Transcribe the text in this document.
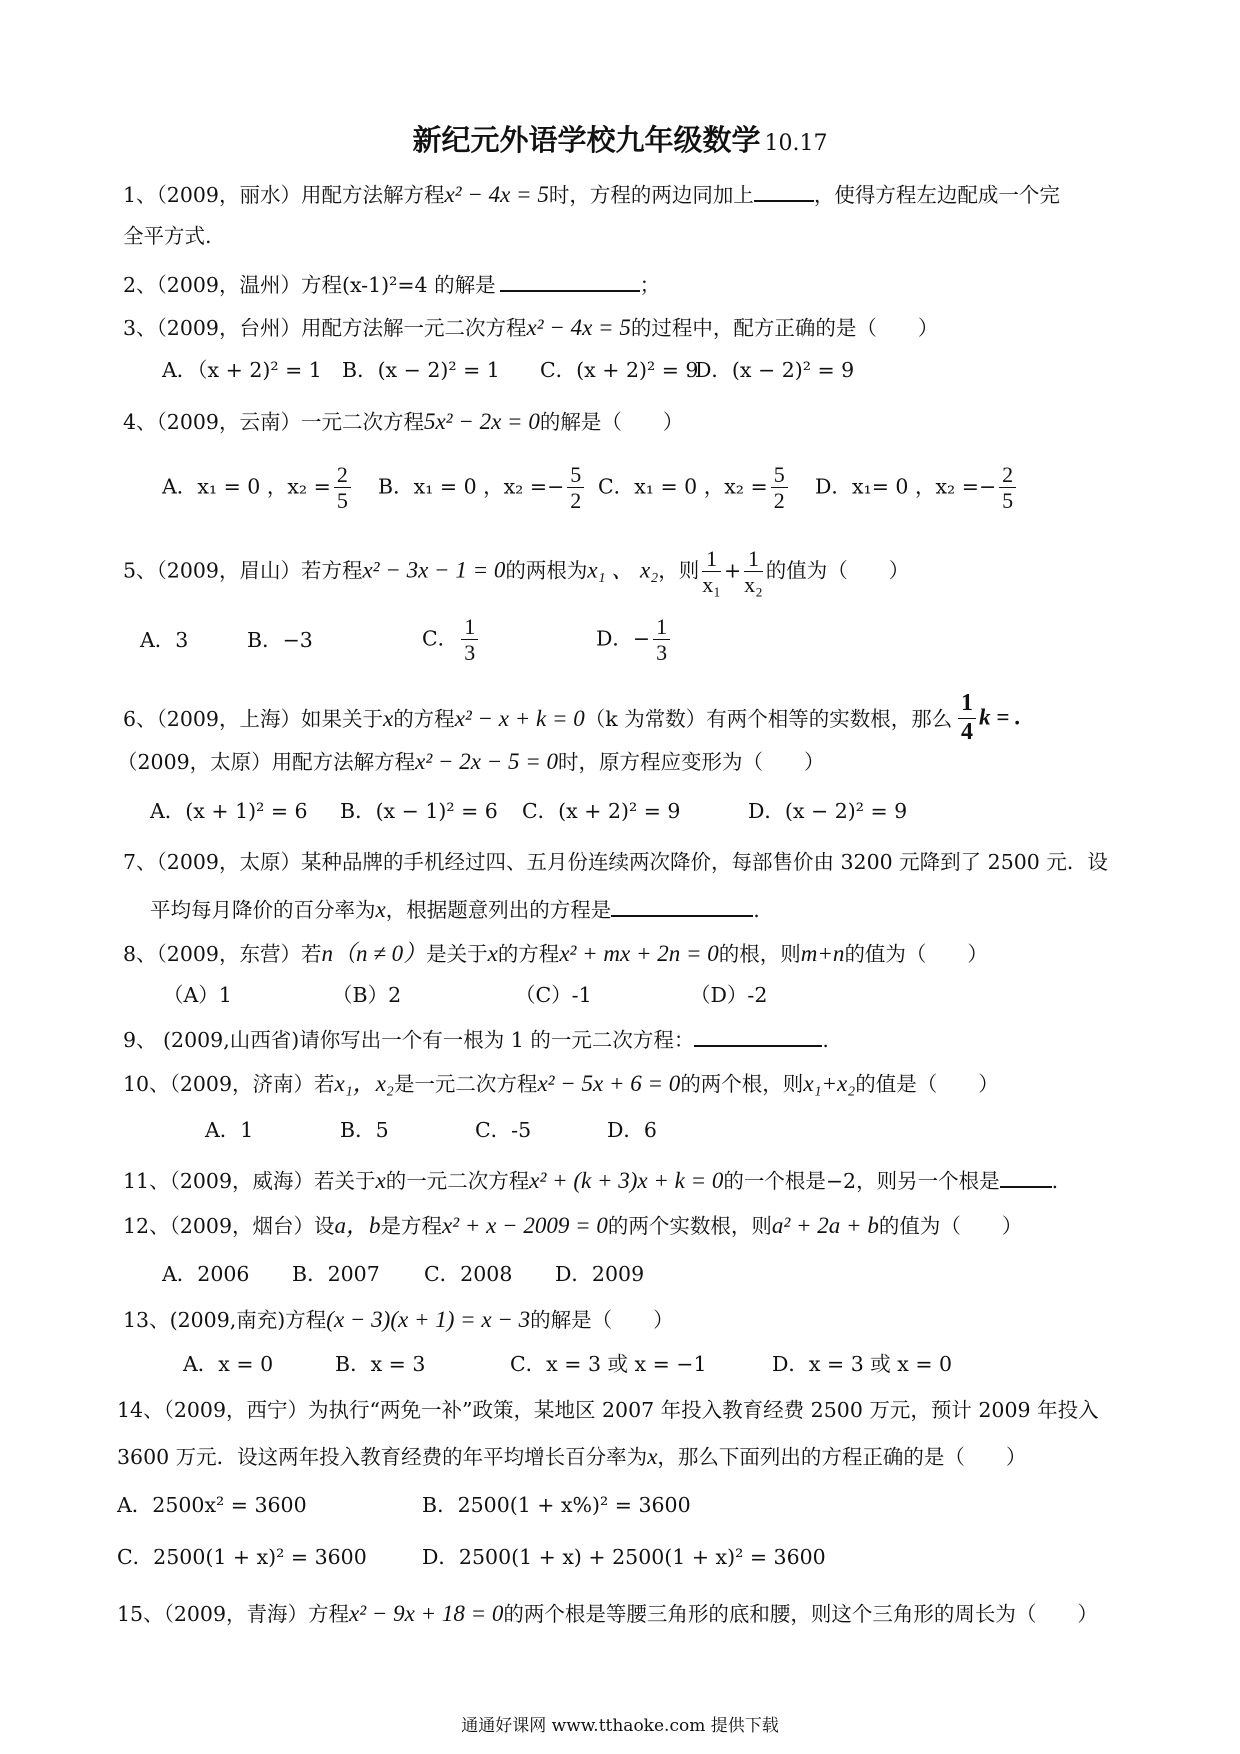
新纪元外语学校九年级数学 10.17
1、（2009，丽水）用配方法解方程x² − 4x = 5时，方程的两边同加上	，使得方程左边配成一个完
全平方式.
2、（2009，温州）方程(x-1)²=4 的解是	；
3、（2009，台州）用配方法解一元二次方程x² − 4x = 5的过程中，配方正确的是（　　）
A．（x + 2)² = 1 B．(x − 2)² = 1 C．(x + 2)² = 9
D．(x − 2)² = 9
4、（2009，云南）一元二次方程5x² − 2x = 0的解是（　　）
A．x₁ = 0 ，$x_2 = \frac{2}{5}$ B．x₁ = 0 ，$x_2 =- \frac{5}{2}$ C．x₁ = 0 ，$x_2 = \frac{5}{2}$ D．x₁= 0 ，$x_2 =- \frac{2}{5}$
5、（2009，眉山）若方程x² − 3x − 1 = 0的两根为x₁ 、 x₂，则 $\frac{1}{\text{x₁}} + \frac{1}{\text{x₂}}$ 的值为（　　）
A．3	B．−3	C． $\frac{1}{3}$	D．− $\frac{1}{3}$
6、（2009，上海）如果关于x的方程x² − x + k = 0（k 为常数）有两个相等的实数根，那么 $\frac{1}{4}$ k = .
（2009，太原）用配方法解方程x² − 2x − 5 = 0时，原方程应变形为（　　）
A．(x + 1)² = 6 B．(x − 1)² = 6 C．(x + 2)² = 9	D．(x − 2)² = 9
7、（2009，太原）某种品牌的手机经过四、五月份连续两次降价，每部售价由 3200 元降到了 2500 元．设
平均每月降价的百分率为x，根据题意列出的方程是	.
8、（2009，东营）若n（n ≠ 0）是关于x的方程x² + mx + 2n = 0的根，则m+n的值为（　　）
（A）1	（B）2	（C）-1	（D）-2
9、 (2009,山西省)请你写出一个有一根为 1 的一元二次方程：	.
10、（2009，济南）若x₁，x₂是一元二次方程x² − 5x + 6 = 0的两个根，则x₁+x₂的值是（　　）
A．1	B．5	C．-5	D．6
11、（2009，威海）若关于x的一元二次方程x² + (k + 3)x + k = 0的一个根是−2，则另一个根是	.
12、（2009，烟台）设a，b是方程x² + x − 2009 = 0的两个实数根，则a² + 2a + b的值为（　　）
A．2006 B．2007 C．2008 D．2009
13、(2009,南充)方程(x − 3)(x + 1) = x − 3的解是（　　）
A．x = 0	B．x = 3	C．x = 3 或 x = −1	D．x = 3 或 x = 0
14、（2009，西宁）为执行“两免一补”政策，某地区 2007 年投入教育经费 2500 万元，预计 2009 年投入
3600 万元．设这两年投入教育经费的年平均增长百分率为x，那么下面列出的方程正确的是（　　）
A．2500x² = 3600	B．2500(1 + x%)² = 3600
C．2500(1 + x)² = 3600	D．2500(1 + x) + 2500(1 + x)² = 3600
15、（2009，青海）方程x² − 9x + 18 = 0的两个根是等腰三角形的底和腰，则这个三角形的周长为（　　）
通通好课网 www.tthaoke.com 提供下载
